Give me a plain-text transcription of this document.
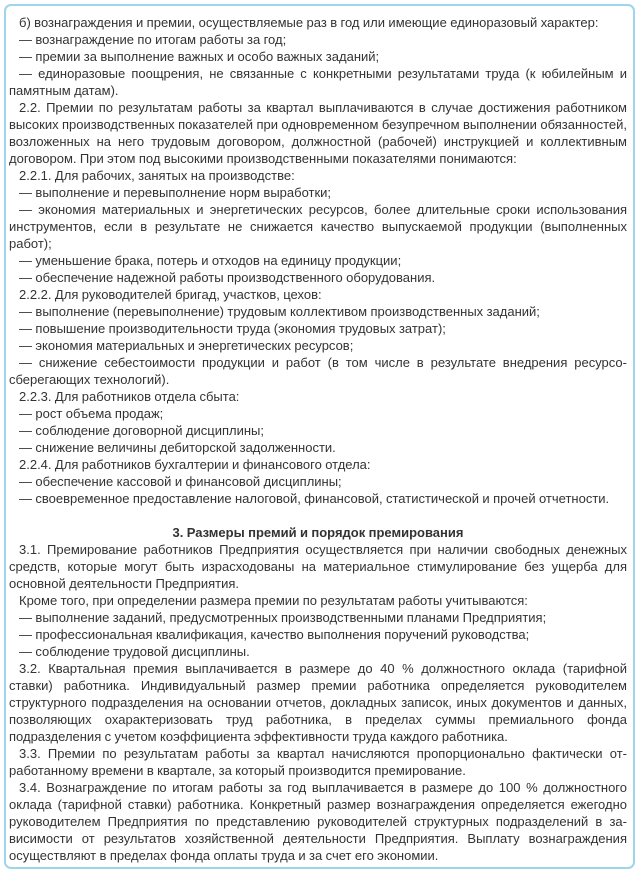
б) вознаграждения и премии, осуществляемые раз в год или имеющие единоразовый характер:

— вознаграждение по итогам работы за год;

— премии за выполнение важных и особо важных заданий;

— единоразовые поощрения, не связанные с конкретными результатами труда (к юбилейным и памятным датам).

2.2. Премии по результатам работы за квартал выплачиваются в случае достижения работником высоких производственных показателей при одновременном безупречном выполнении обязанностей, возложенных на него трудовым договором, должностной (рабочей) инструкцией и коллективным договором. При этом под высокими производственными показателями понимаются:

2.2.1. Для рабочих, занятых на производстве:

— выполнение и перевыполнение норм выработки;

— экономия материальных и энергетических ресурсов, более длительные сроки использования инструментов, если в результате не снижается качество выпускаемой продукции (выполненных работ);

— уменьшение брака, потерь и отходов на единицу продукции;

— обеспечение надежной работы производственного оборудования.

2.2.2. Для руководителей бригад, участков, цехов:

— выполнение (перевыполнение) трудовым коллективом производственных заданий;

— повышение производительности труда (экономия трудовых затрат);

— экономия материальных и энергетических ресурсов;

— снижение себестоимости продукции и работ (в том числе в результате внедрения ресурсосберегающих технологий).

2.2.3. Для работников отдела сбыта:

— рост объема продаж;

— соблюдение договорной дисциплины;

— снижение величины дебиторской задолженности.

2.2.4. Для работников бухгалтерии и финансового отдела:

— обеспечение кассовой и финансовой дисциплины;

— своевременное предоставление налоговой, финансовой, статистической и прочей отчетности.

3. Размеры премий и порядок премирования

3.1. Премирование работников Предприятия осуществляется при наличии свободных денежных средств, которые могут быть израсходованы на материальное стимулирование без ущерба для основной деятельности Предприятия.

Кроме того, при определении размера премии по результатам работы учитываются:

— выполнение заданий, предусмотренных производственными планами Предприятия;

— профессиональная квалификация, качество выполнения поручений руководства;

— соблюдение трудовой дисциплины.

3.2. Квартальная премия выплачивается в размере до 40 % должностного оклада (тарифной ставки) работника. Индивидуальный размер премии работника определяется руководителем структурного подразделения на основании отчетов, докладных записок, иных документов и данных, позволяющих охарактеризовать труд работника, в пределах суммы премиального фонда подразделения с учетом коэффициента эффективности труда каждого работника.

3.3. Премии по результатам работы за квартал начисляются пропорционально фактически отработанному времени в квартале, за который производится премирование.

3.4. Вознаграждение по итогам работы за год выплачивается в размере до 100 % должностного оклада (тарифной ставки) работника. Конкретный размер вознаграждения определяется ежегодно руководителем Предприятия по представлению руководителей структурных подразделений в зависимости от результатов хозяйственной деятельности Предприятия. Выплату вознаграждения осуществляют в пределах фонда оплаты труда и за счет его экономии.
